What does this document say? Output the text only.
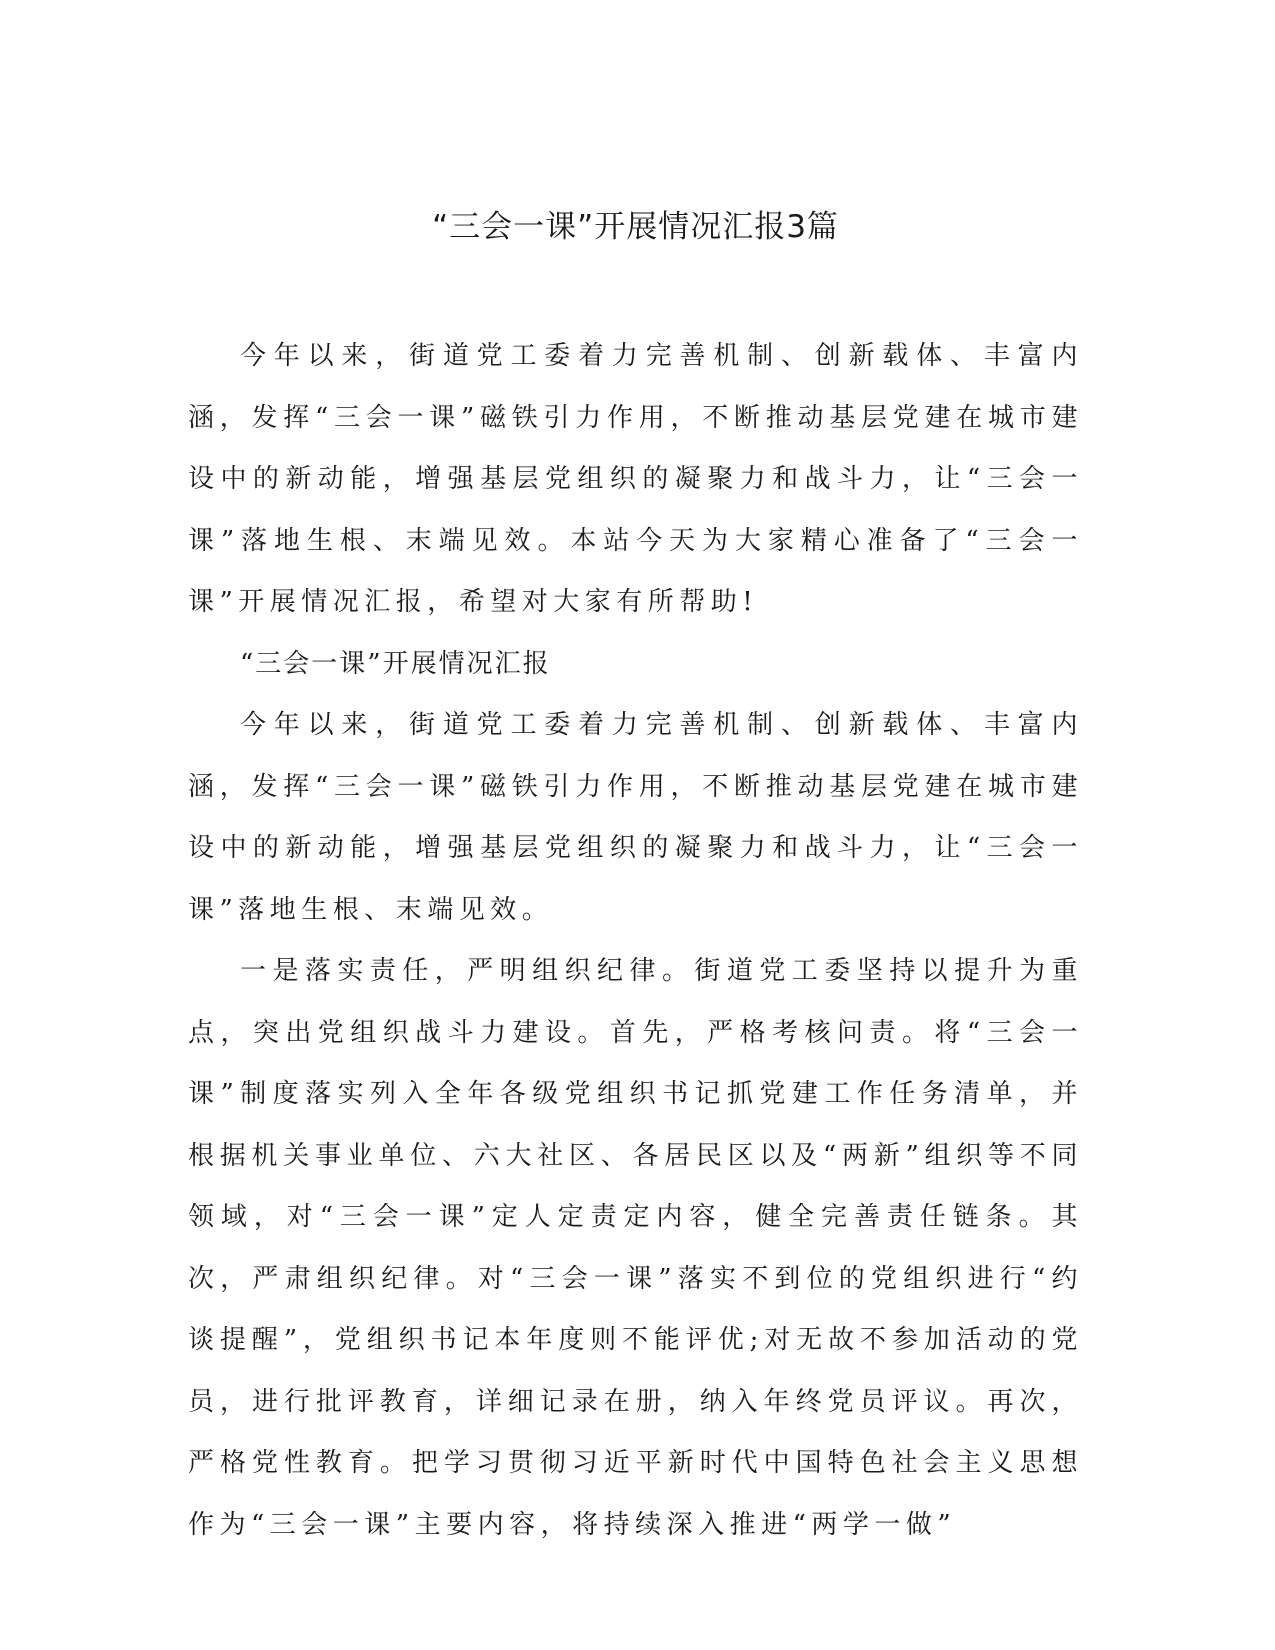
“三会一课”开展情况汇报3篇

今年以来，街道党工委着力完善机制、创新载体、丰富内涵，发挥“三会一课”磁铁引力作用，不断推动基层党建在城市建设中的新动能，增强基层党组织的凝聚力和战斗力，让“三会一课”落地生根、末端见效。本站今天为大家精心准备了“三会一课”开展情况汇报，希望对大家有所帮助!

“三会一课”开展情况汇报

今年以来，街道党工委着力完善机制、创新载体、丰富内涵，发挥“三会一课”磁铁引力作用，不断推动基层党建在城市建设中的新动能，增强基层党组织的凝聚力和战斗力，让“三会一课”落地生根、末端见效。

一是落实责任，严明组织纪律。街道党工委坚持以提升为重点，突出党组织战斗力建设。首先，严格考核问责。将“三会一课”制度落实列入全年各级党组织书记抓党建工作任务清单，并根据机关事业单位、六大社区、各居民区以及“两新”组织等不同领域，对“三会一课”定人定责定内容，健全完善责任链条。其次，严肃组织纪律。对“三会一课”落实不到位的党组织进行“约谈提醒”，党组织书记本年度则不能评优;对无故不参加活动的党员，进行批评教育，详细记录在册，纳入年终党员评议。再次，严格党性教育。把学习贯彻习近平新时代中国特色社会主义思想作为“三会一课”主要内容，将持续深入推进“两学一做”
